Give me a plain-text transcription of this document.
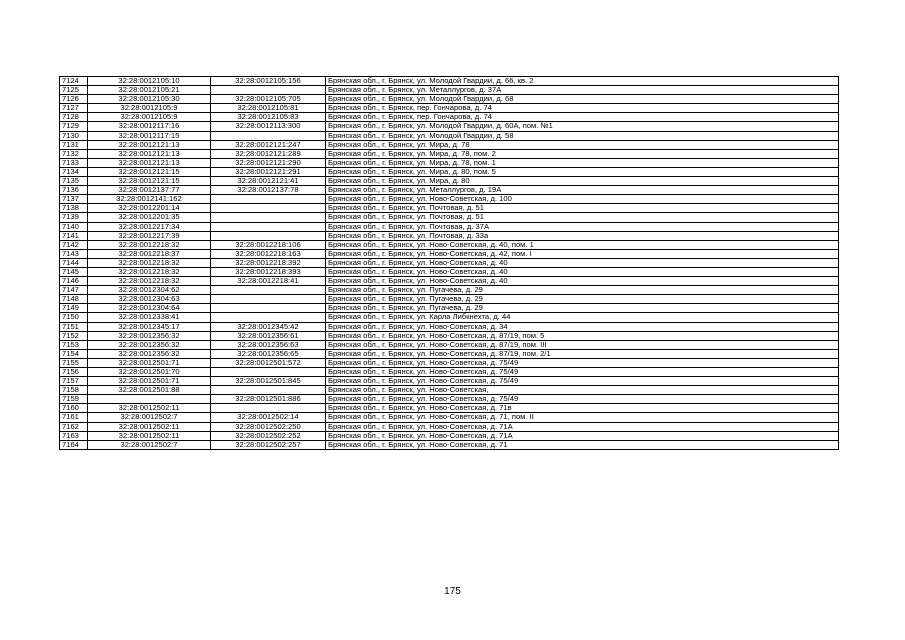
7124	32:28:0012105:10	32:28:0012105:156	Брянская обл., г. Брянск, ул. Молодой Гвардии, д. 66, кв. 2
7125	32:28:0012105:21		Брянская обл., г. Брянск, ул. Металлургов, д. 37А
7126	32:28:0012105:30	32:28:0012105:705	Брянская обл., г. Брянск, ул. Молодой Гвардии, д. 68
7127	32:28:0012105:9	32:28:0012105:81	Брянская обл., г. Брянск, пер. Гончарова, д. 74
7128	32:28:0012105:9	32:28:0012105:83	Брянская обл., г. Брянск, пер. Гончарова, д. 74
7129	32:28:0012117:16	32:28:0012113:300	Брянская обл., г. Брянск, ул. Молодой Гвардии, д. 60А, пом. №1
7130	32:28:0012117:15		Брянская обл., г. Брянск, ул. Молодой Гвардии, д. 58
7131	32:28:0012121:13	32:28:0012121:247	Брянская обл., г. Брянск, ул. Мира, д. 78
7132	32:28:0012121:13	32:28:0012121:289	Брянская обл., г. Брянск, ул. Мира, д. 78, пом. 2
7133	32:28:0012121:13	32:28:0012121:290	Брянская обл., г. Брянск, ул. Мира, д. 78, пом. 1
7134	32:28:0012121:15	32:28:0012121:291	Брянская обл., г. Брянск, ул. Мира, д. 80, пом. 5
7135	32:28:0012121:15	32:28:0012121:41	Брянская обл., г. Брянск, ул. Мира, д. 80
7136	32:28:0012137:77	32:28:0012137:78	Брянская обл., г. Брянск, ул. Металлургов, д. 19А
7137	32:28:0012141:162		Брянская обл., г. Брянск, ул. Ново-Советская, д. 100
7138	32:28:0012201:14		Брянская обл., г. Брянск, ул. Почтовая, д. 51
7139	32:28:0012201:35		Брянская обл., г. Брянск, ул. Почтовая, д. 51
7140	32:28:0012217:34		Брянская обл., г. Брянск, ул. Почтовая, д. 37А
7141	32:28:0012217:39		Брянская обл., г. Брянск, ул. Почтовая, д. 33а
7142	32:28:0012218:32	32:28:0012218:106	Брянская обл., г. Брянск, ул. Ново-Советская, д. 40, пом. 1
7143	32:28:0012218:37	32:28:0012218:163	Брянская обл., г. Брянск, ул. Ново-Советская, д. 42, пом. I
7144	32:28:0012218:32	32:28:0012218:392	Брянская обл., г. Брянск, ул. Ново-Советская, д. 40
7145	32:28:0012218:32	32:28:0012218:393	Брянская обл., г. Брянск, ул. Ново-Советская, д. 40
7146	32:28:0012218:32	32:28:0012218:41	Брянская обл., г. Брянск, ул. Ново-Советская, д. 40
7147	32:28:0012304:62		Брянская обл., г. Брянск, ул. Пугачева, д. 29
7148	32:28:0012304:63		Брянская обл., г. Брянск, ул. Пугачева, д. 29
7149	32:28:0012304:64		Брянская обл., г. Брянск, ул. Пугачева, д. 29
7150	32:28:0012338:41		Брянская обл., г. Брянск, ул. Карла Либкнехта, д. 44
7151	32:28:0012345:17	32:28:0012345:42	Брянская обл., г. Брянск, ул. Ново-Советская, д. 34
7152	32:28:0012356:32	32:28:0012356:61	Брянская обл., г. Брянск, ул. Ново-Советская, д. 87/19, пом. 5
7153	32:28:0012356:32	32:28:0012356:63	Брянская обл., г. Брянск, ул. Ново-Советская, д. 87/19, пом. III
7154	32:28:0012356:32	32:28:0012356:65	Брянская обл., г. Брянск, ул. Ново-Советская, д. 87/19, пом. 2/1
7155	32:28:0012501:71	32:28:0012501:572	Брянская обл., г. Брянск, ул. Ново-Советская, д. 75/49
7156	32:28:0012501:70		Брянская обл., г. Брянск, ул. Ново-Советская, д. 75/49
7157	32:28:0012501:71	32:28:0012501:845	Брянская обл., г. Брянск, ул. Ново-Советская, д. 75/49
7158	32:28:0012501:88		Брянская обл., г. Брянск, ул. Ново-Советская,
7159		32:28:0012501:886	Брянская обл., г. Брянск, ул. Ново-Советская, д. 75/49
7160	32:28:0012502:11		Брянская обл., г. Брянск, ул. Ново-Советская, д. 71в
7161	32:28:0012502:7	32:28:0012502:14	Брянская обл., г. Брянск, ул. Ново-Советская, д. 71, пом. II
7162	32:28:0012502:11	32:28:0012502:250	Брянская обл., г. Брянск, ул. Ново-Советская, д. 71А
7163	32:28:0012502:11	32:28:0012502:252	Брянская обл., г. Брянск, ул. Ново-Советская, д. 71А
7164	32:28:0012502:7	32:28:0012502:257	Брянская обл., г. Брянск, ул. Ново-Советская, д. 71
175
